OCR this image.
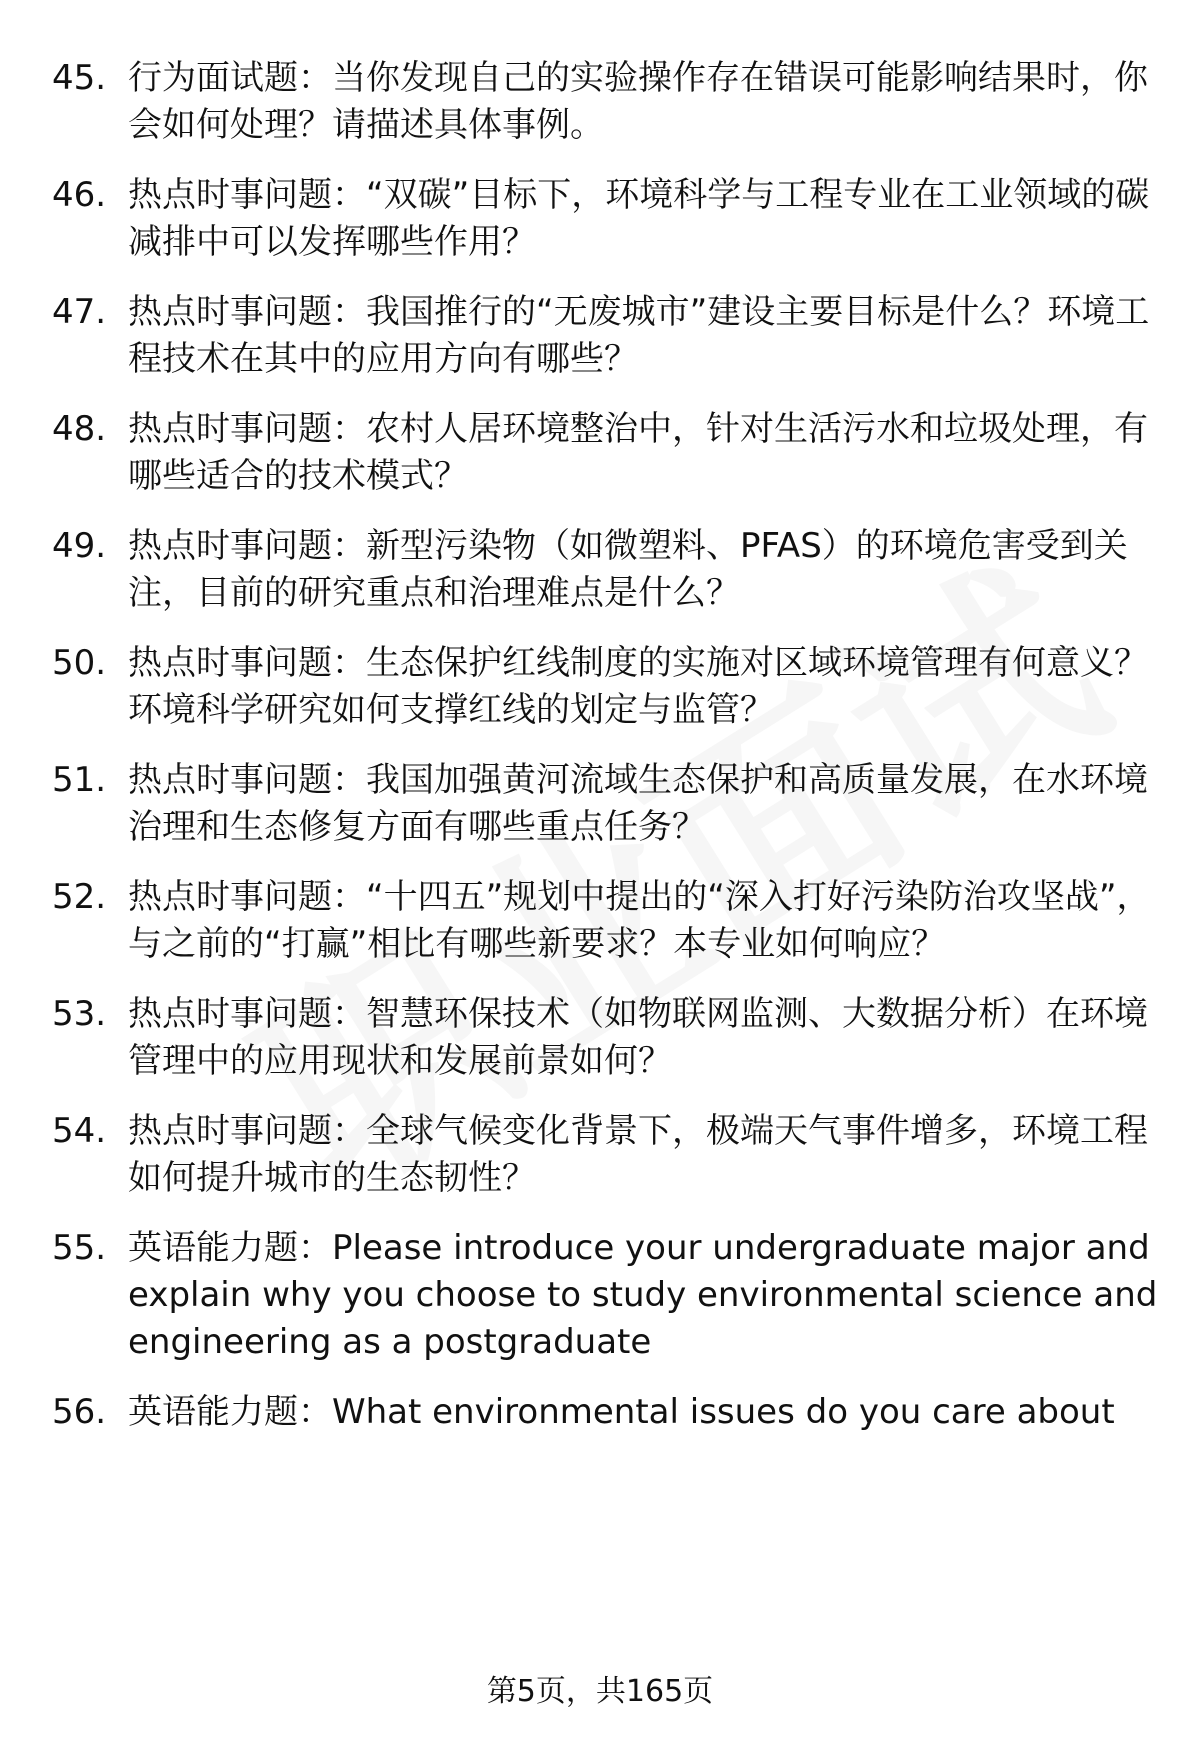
45. 行为面试题：当你发现自己的实验操作存在错误可能影响结果时，你会如何处理？请描述具体事例。
46. 热点时事问题：“双碳”目标下，环境科学与工程专业在工业领域的碳减排中可以发挥哪些作用？
47. 热点时事问题：我国推行的“无废城市”建设主要目标是什么？环境工程技术在其中的应用方向有哪些？
48. 热点时事问题：农村人居环境整治中，针对生活污水和垃圾处理，有哪些适合的技术模式？
49. 热点时事问题：新型污染物（如微塑料、PFAS）的环境危害受到关注，目前的研究重点和治理难点是什么？
50. 热点时事问题：生态保护红线制度的实施对区域环境管理有何意义？环境科学研究如何支撑红线的划定与监管？
51. 热点时事问题：我国加强黄河流域生态保护和高质量发展，在水环境治理和生态修复方面有哪些重点任务？
52. 热点时事问题：“十四五”规划中提出的“深入打好污染防治攻坚战”，与之前的“打赢”相比有哪些新要求？本专业如何响应？
53. 热点时事问题：智慧环保技术（如物联网监测、大数据分析）在环境管理中的应用现状和发展前景如何？
54. 热点时事问题：全球气候变化背景下，极端天气事件增多，环境工程如何提升城市的生态韧性？
55. 英语能力题：Please introduce your undergraduate major and explain why you choose to study environmental science and engineering as a postgraduate
56. 英语能力题：What environmental issues do you care about
第5页，共165页
